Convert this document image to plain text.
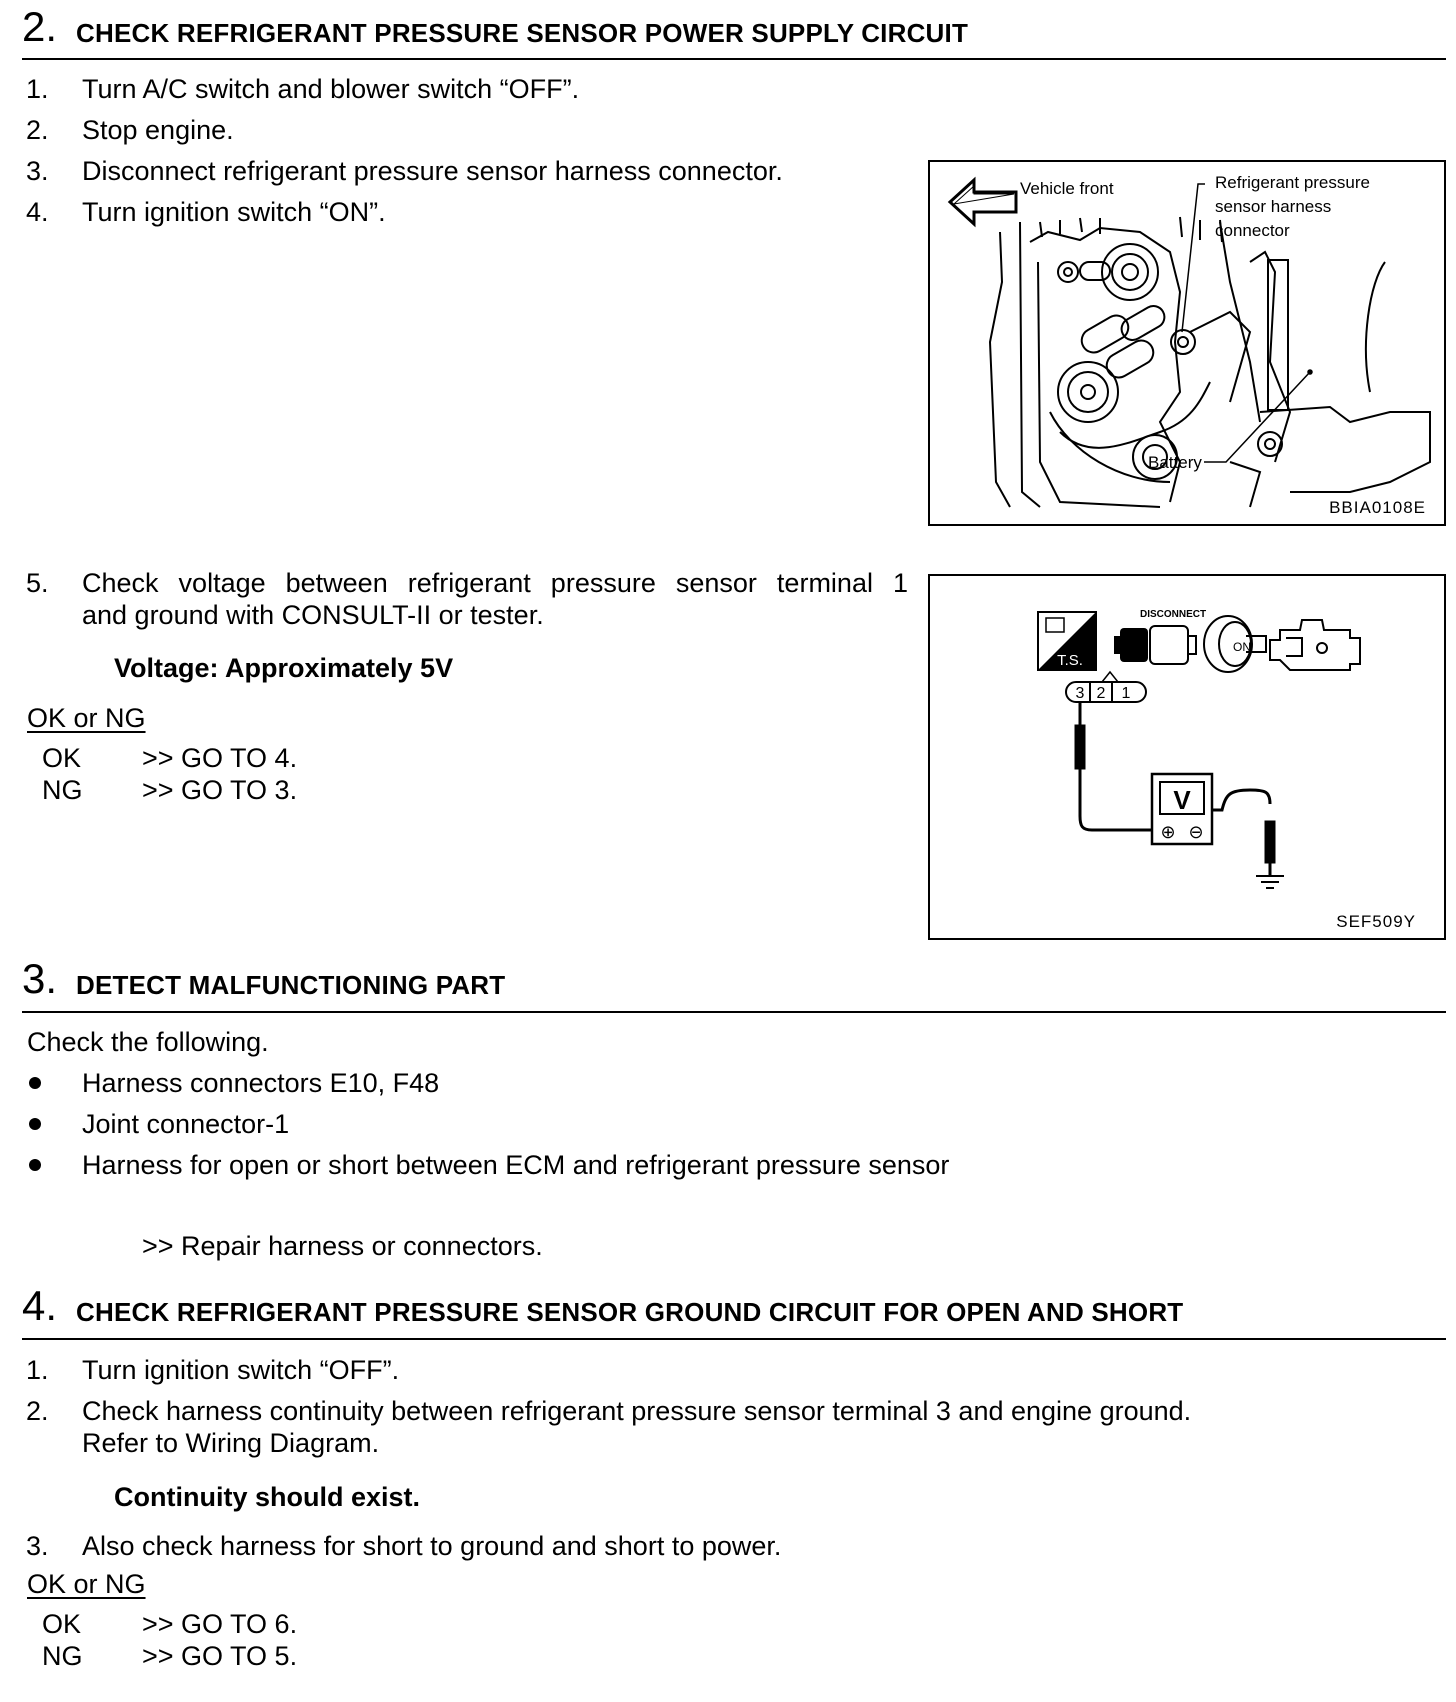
2. CHECK REFRIGERANT PRESSURE SENSOR POWER SUPPLY CIRCUIT
1. Turn A/C switch and blower switch “OFF”.
2. Stop engine.
3. Disconnect refrigerant pressure sensor harness connector.
4. Turn ignition switch “ON”.
Vehicle front	Refrigerant pressure
sensor harness
connector
Battery
BBIA0108E
5. Check voltage between refrigerant pressure sensor terminal 1
and ground with CONSULT-II or tester.
Voltage: Approximately 5V
OK or NG
OK >> GO TO 4.
NG >> GO TO 3.
T.S.
DISCONNECT
ON
3 2 1
V
⊕ ⊖
SEF509Y
3. DETECT MALFUNCTIONING PART
Check the following.
Harness connectors E10, F48
Joint connector-1
Harness for open or short between ECM and refrigerant pressure sensor
>> Repair harness or connectors.
4. CHECK REFRIGERANT PRESSURE SENSOR GROUND CIRCUIT FOR OPEN AND SHORT
1. Turn ignition switch “OFF”.
2. Check harness continuity between refrigerant pressure sensor terminal 3 and engine ground.
Refer to Wiring Diagram.
Continuity should exist.
3. Also check harness for short to ground and short to power.
OK or NG
OK >> GO TO 6.
NG >> GO TO 5.
